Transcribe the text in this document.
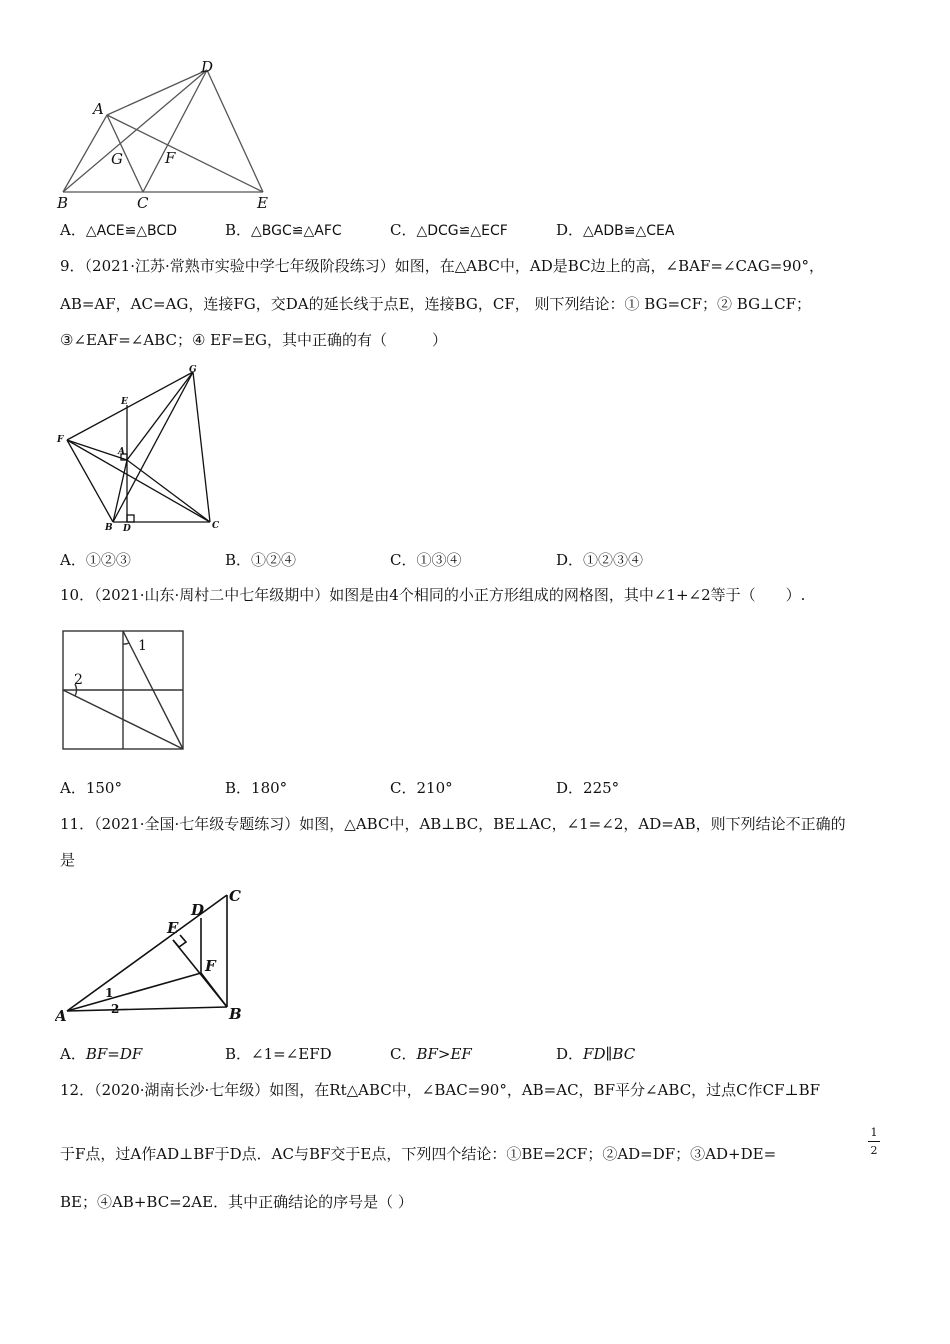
D
A
G	F
B	C	E
A．△ACE≌△BCD	B．△BGC≌△AFC	C．△DCG≌△ECF	D．△ADB≌△CEA
9．（2021·江苏·常熟市实验中学七年级阶段练习）如图，在△ABC中，AD是BC边上的高，∠BAF=∠CAG=90°，
AB=AF，AC=AG，连接FG，交DA的延长线于点E，连接BG，CF， 则下列结论：① BG=CF；② BG⊥CF；
③∠EAF=∠ABC；④ EF=EG，其中正确的有（　　　）
G
E
F
A
B D	C
A．①②③	B．①②④	C．①③④	D．①②③④
10．（2021·山东·周村二中七年级期中）如图是由4个相同的小正方形组成的网格图，其中∠1+∠2等于（　　）.
1
2
A．150°	B．180°	C．210°	D．225°
11．（2021·全国·七年级专题练习）如图，△ABC中，AB⊥BC，BE⊥AC，∠1=∠2，AD=AB，则下列结论不正确的
是
C
D
E
F
A	B
1
2
A．BF=DF	B．∠1=∠EFD	C．BF>EF	D．FD∥BC
12．（2020·湖南长沙·七年级）如图，在Rt△ABC中，∠BAC=90°，AB=AC，BF平分∠ABC，过点C作CF⊥BF
于F点，过A作AD⊥BF于D点．AC与BF交于E点，下列四个结论：①BE=2CF；②AD=DF；③AD+DE=
1
2
BE；④AB+BC=2AE．其中正确结论的序号是（ ）
